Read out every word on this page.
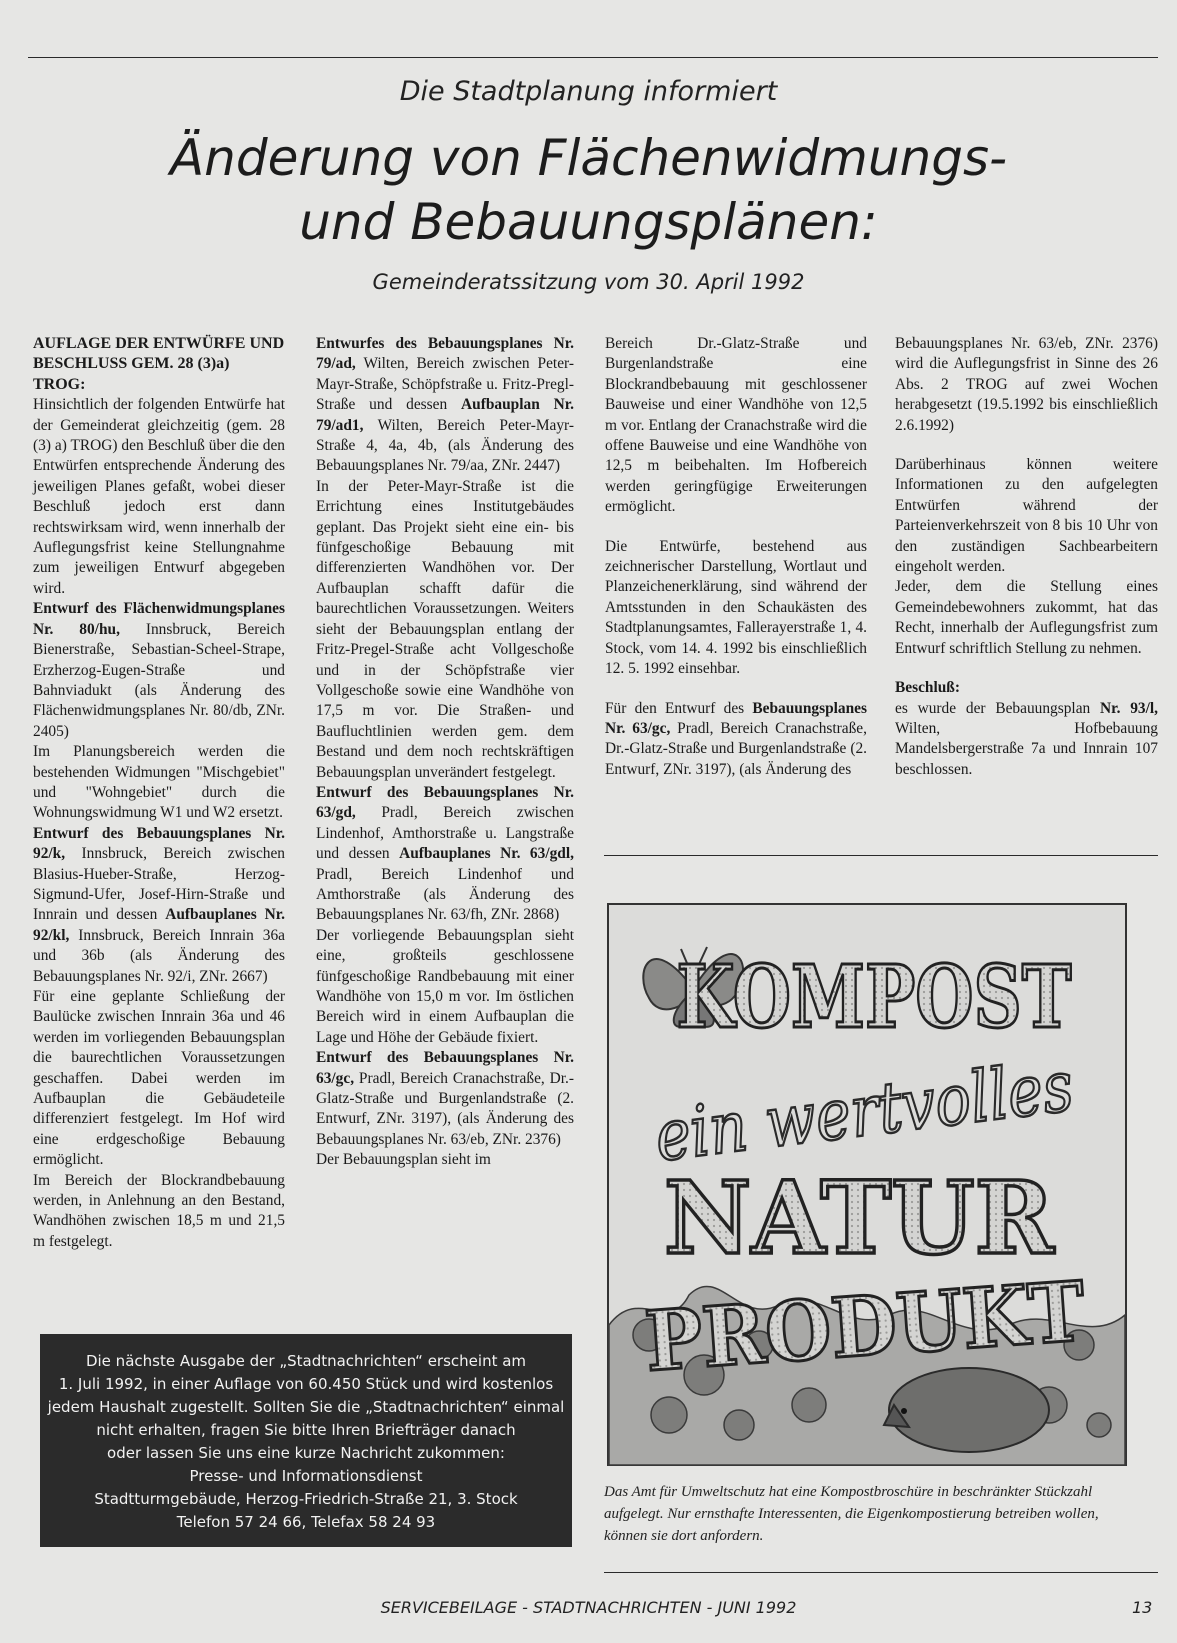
Die Stadtplanung informiert
Änderung von Flächenwidmungs-
und Bebauungsplänen:
Gemeinderatssitzung vom 30. April 1992

AUFLAGE DER ENTWÜRFE UND BESCHLUSS GEM. 28 (3)a) TROG:

Hinsichtlich der folgenden Entwürfe hat der Gemeinderat gleichzeitig (gem. 28 (3) a) TROG) den Beschluß über die den Entwürfen entsprechende Änderung des jeweiligen Planes gefaßt, wobei dieser Beschluß jedoch erst dann rechtswirksam wird, wenn innerhalb der Auflegungsfrist keine Stellungnahme zum jeweiligen Entwurf abgegeben wird.

Entwurf des Flächenwidmungsplanes Nr. 80/hu, Innsbruck, Bereich Bienerstraße, Sebastian-Scheel-Strape, Erzherzog-Eugen-Straße und Bahnviadukt (als Änderung des Flächenwidmungsplanes Nr. 80/db, ZNr. 2405)

Im Planungsbereich werden die bestehenden Widmungen "Mischgebiet" und "Wohngebiet" durch die Wohnungswidmung W1 und W2 ersetzt.

Entwurf des Bebauungsplanes Nr. 92/k, Innsbruck, Bereich zwischen Blasius-Hueber-Straße, Herzog-Sigmund-Ufer, Josef-Hirn-Straße und Innrain und dessen Aufbauplanes Nr. 92/kl, Innsbruck, Bereich Innrain 36a und 36b (als Änderung des Bebauungsplanes Nr. 92/i, ZNr. 2667)

Für eine geplante Schließung der Baulücke zwischen Innrain 36a und 46 werden im vorliegenden Bebauungsplan die baurechtlichen Voraussetzungen geschaffen. Dabei werden im Aufbauplan die Gebäudeteile differenziert festgelegt. Im Hof wird eine erdgeschoßige Bebauung ermöglicht.

Im Bereich der Blockrandbebauung werden, in Anlehnung an den Bestand, Wandhöhen zwischen 18,5 m und 21,5 m festgelegt.

Entwurfes des Bebauungsplanes Nr. 79/ad, Wilten, Bereich zwischen Peter-Mayr-Straße, Schöpfstraße u. Fritz-Pregl-Straße und dessen Aufbauplan Nr. 79/ad1, Wilten, Bereich Peter-Mayr-Straße 4, 4a, 4b, (als Änderung des Bebauungsplanes Nr. 79/aa, ZNr. 2447)

In der Peter-Mayr-Straße ist die Errichtung eines Institutgebäudes geplant. Das Projekt sieht eine ein- bis fünfgeschoßige Bebauung mit differenzierten Wandhöhen vor. Der Aufbauplan schafft dafür die baurechtlichen Voraussetzungen. Weiters sieht der Bebauungsplan entlang der Fritz-Pregel-Straße acht Vollgeschoße und in der Schöpfstraße vier Vollgeschoße sowie eine Wandhöhe von 17,5 m vor. Die Straßen- und Baufluchtlinien werden gem. dem Bestand und dem noch rechtskräftigen Bebauungsplan unverändert festgelegt.

Entwurf des Bebauungsplanes Nr. 63/gd, Pradl, Bereich zwischen Lindenhof, Amthorstraße u. Langstraße und dessen Aufbauplanes Nr. 63/gdl, Pradl, Bereich Lindenhof und Amthorstraße (als Änderung des Bebauungsplanes Nr. 63/fh, ZNr. 2868)

Der vorliegende Bebauungsplan sieht eine, großteils geschlossene fünfgeschoßige Randbebauung mit einer Wandhöhe von 15,0 m vor. Im östlichen Bereich wird in einem Aufbauplan die Lage und Höhe der Gebäude fixiert.

Entwurf des Bebauungsplanes Nr. 63/gc, Pradl, Bereich Cranachstraße, Dr.-Glatz-Straße und Burgenlandstraße (2. Entwurf, ZNr. 3197), (als Änderung des Bebauungsplanes Nr. 63/eb, ZNr. 2376)

Der Bebauungsplan sieht im

Bereich Dr.-Glatz-Straße und Burgenlandstraße eine Blockrandbebauung mit geschlossener Bauweise und einer Wandhöhe von 12,5 m vor. Entlang der Cranachstraße wird die offene Bauweise und eine Wandhöhe von 12,5 m beibehalten. Im Hofbereich werden geringfügige Erweiterungen ermöglicht.

Die Entwürfe, bestehend aus zeichnerischer Darstellung, Wortlaut und Planzeichenerklärung, sind während der Amtsstunden in den Schaukästen des Stadtplanungsamtes, Fallerayerstraße 1, 4. Stock, vom 14. 4. 1992 bis einschließlich 12. 5. 1992 einsehbar.

Für den Entwurf des Bebauungsplanes Nr. 63/gc, Pradl, Bereich Cranachstraße, Dr.-Glatz-Straße und Burgenlandstraße (2. Entwurf, ZNr. 3197), (als Änderung des

Bebauungsplanes Nr. 63/eb, ZNr. 2376) wird die Auflegungsfrist in Sinne des 26 Abs. 2 TROG auf zwei Wochen herabgesetzt (19.5.1992 bis einschließlich 2.6.1992)

Darüberhinaus können weitere Informationen zu den aufgelegten Entwürfen während der Parteienverkehrszeit von 8 bis 10 Uhr von den zuständigen Sachbearbeitern eingeholt werden.

Jeder, dem die Stellung eines Gemeindebewohners zukommt, hat das Recht, innerhalb der Auflegungsfrist zum Entwurf schriftlich Stellung zu nehmen.

Beschluß:

es wurde der Bebauungsplan Nr. 93/l, Wilten, Hofbebauung Mandelsbergerstraße 7a und Innrain 107 beschlossen.

Die nächste Ausgabe der „Stadtnachrichten“ erscheint am
1. Juli 1992, in einer Auflage von 60.450 Stück und wird kostenlos
jedem Haushalt zugestellt. Sollten Sie die „Stadtnachrichten“ einmal
nicht erhalten, fragen Sie bitte Ihren Briefträger danach
oder lassen Sie uns eine kurze Nachricht zukommen:
Presse- und Informationsdienst
Stadtturmgebäude, Herzog-Friedrich-Straße 21, 3. Stock
Telefon 57 24 66, Telefax 58 24 93
KOMPOST
ein wertvolles
NATUR
PRODUKT
Das Amt für Umweltschutz hat eine Kompostbroschüre in beschränkter Stückzahl aufgelegt. Nur ernsthafte Interessenten, die Eigenkompostierung betreiben wollen, können sie dort anfordern.
SERVICEBEILAGE - STADTNACHRICHTEN - JUNI 1992	13
